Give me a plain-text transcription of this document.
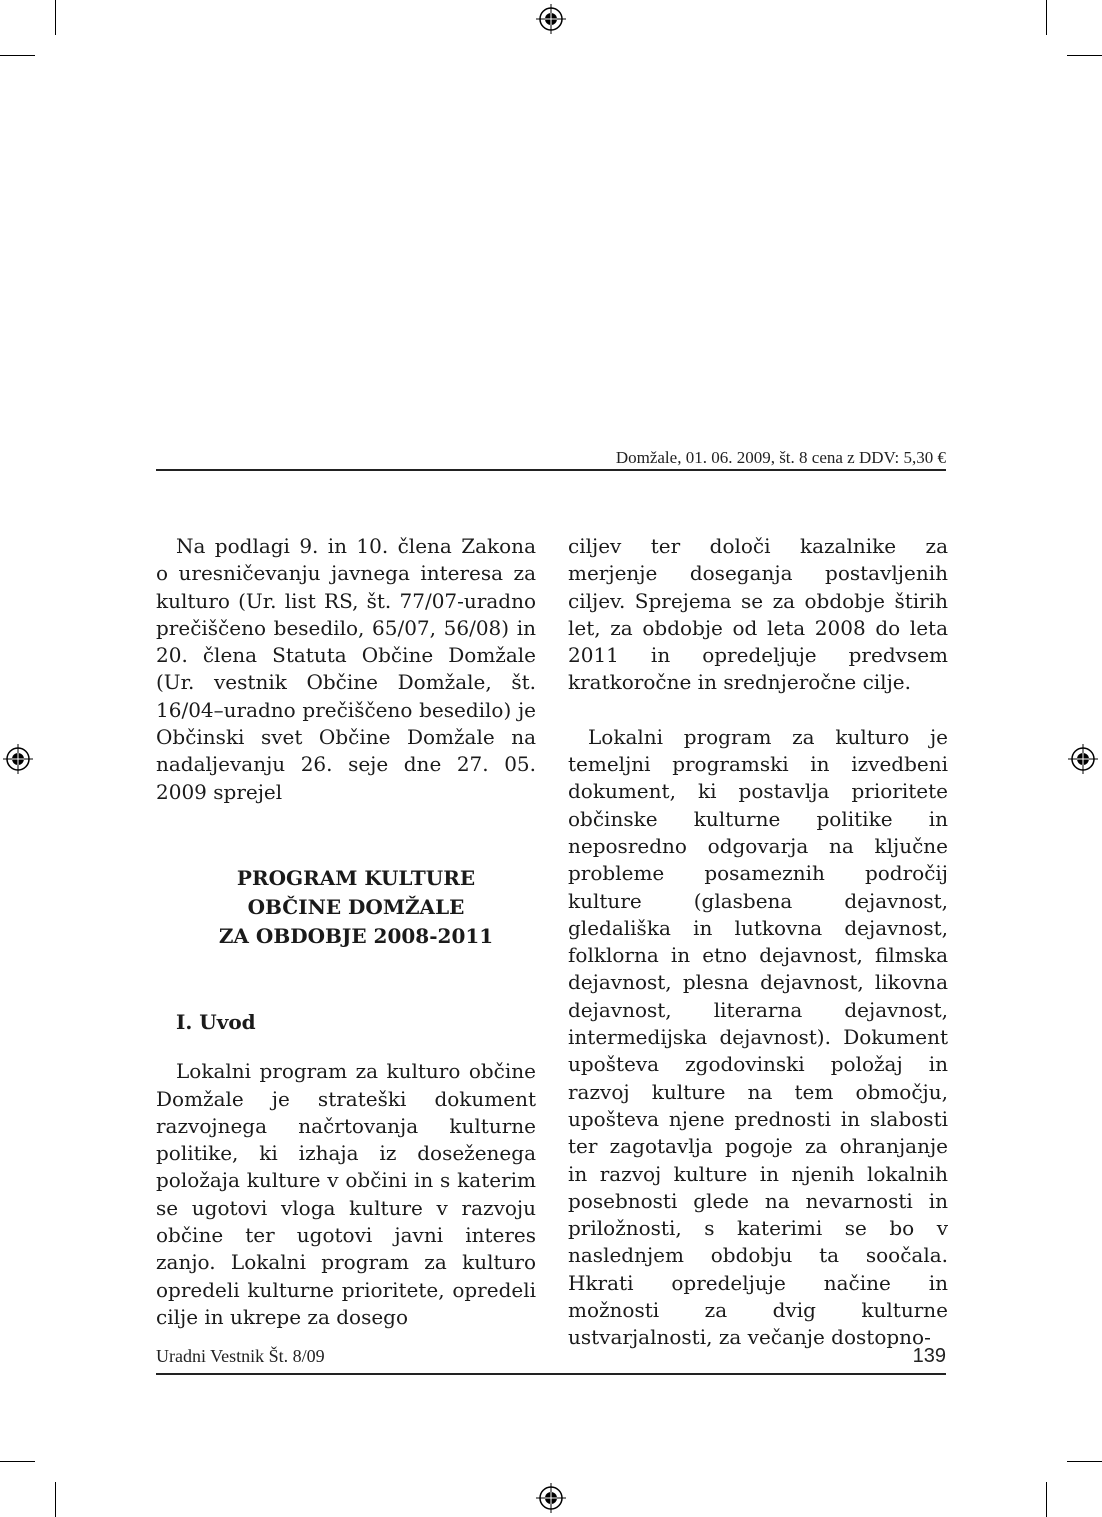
Domžale, 01. 06. 2009, št. 8 cena z DDV: 5,30 €

Na podlagi 9. in 10. člena Zakona o uresničevanju javnega interesa za kulturo (Ur. list RS, št. 77/07-uradno prečiščeno besedilo, 65/07, 56/08) in 20. člena Statuta Občine Domžale (Ur. vestnik Občine Domžale, št. 16/04–uradno prečiščeno besedilo) je Občinski svet Občine Domžale na nadaljevanju 26. seje dne 27. 05. 2009 sprejel

PROGRAM KULTURE

OBČINE DOMŽALE

ZA OBDOBJE 2008-2011

I. Uvod

Lokalni program za kulturo občine Domžale je strateški dokument razvojnega načrtovanja kulturne politike, ki izhaja iz doseženega položaja kulture v občini in s katerim se ugotovi vloga kulture v razvoju občine ter ugotovi javni interes zanjo. Lokalni program za kulturo opredeli kulturne prioritete, opredeli cilje in ukrepe za dosego

ciljev ter določi kazalnike za merjenje doseganja postavljenih ciljev. Sprejema se za obdobje štirih let, za obdobje od leta 2008 do leta 2011 in opredeljuje predvsem kratkoročne in srednjeročne cilje.

Lokalni program za kulturo je temeljni programski in izvedbeni dokument, ki postavlja prioritete občinske kulturne politike in neposredno odgovarja na ključne probleme posameznih področij kulture (glasbena dejavnost, gledališka in lutkovna dejavnost, folklorna in etno dejavnost, filmska dejavnost, plesna dejavnost, likovna dejavnost, literarna dejavnost, intermedijska dejavnost). Dokument upošteva zgodovinski položaj in razvoj kulture na tem območju, upošteva njene prednosti in slabosti ter zagotavlja pogoje za ohranjanje in razvoj kulture in njenih lokalnih posebnosti glede na nevarnosti in priložnosti, s katerimi se bo v naslednjem obdobju ta soočala. Hkrati opredeljuje načine in možnosti za dvig kulturne ustvarjalnosti, za večanje dostopno-

Uradni Vestnik Št. 8/09	139
